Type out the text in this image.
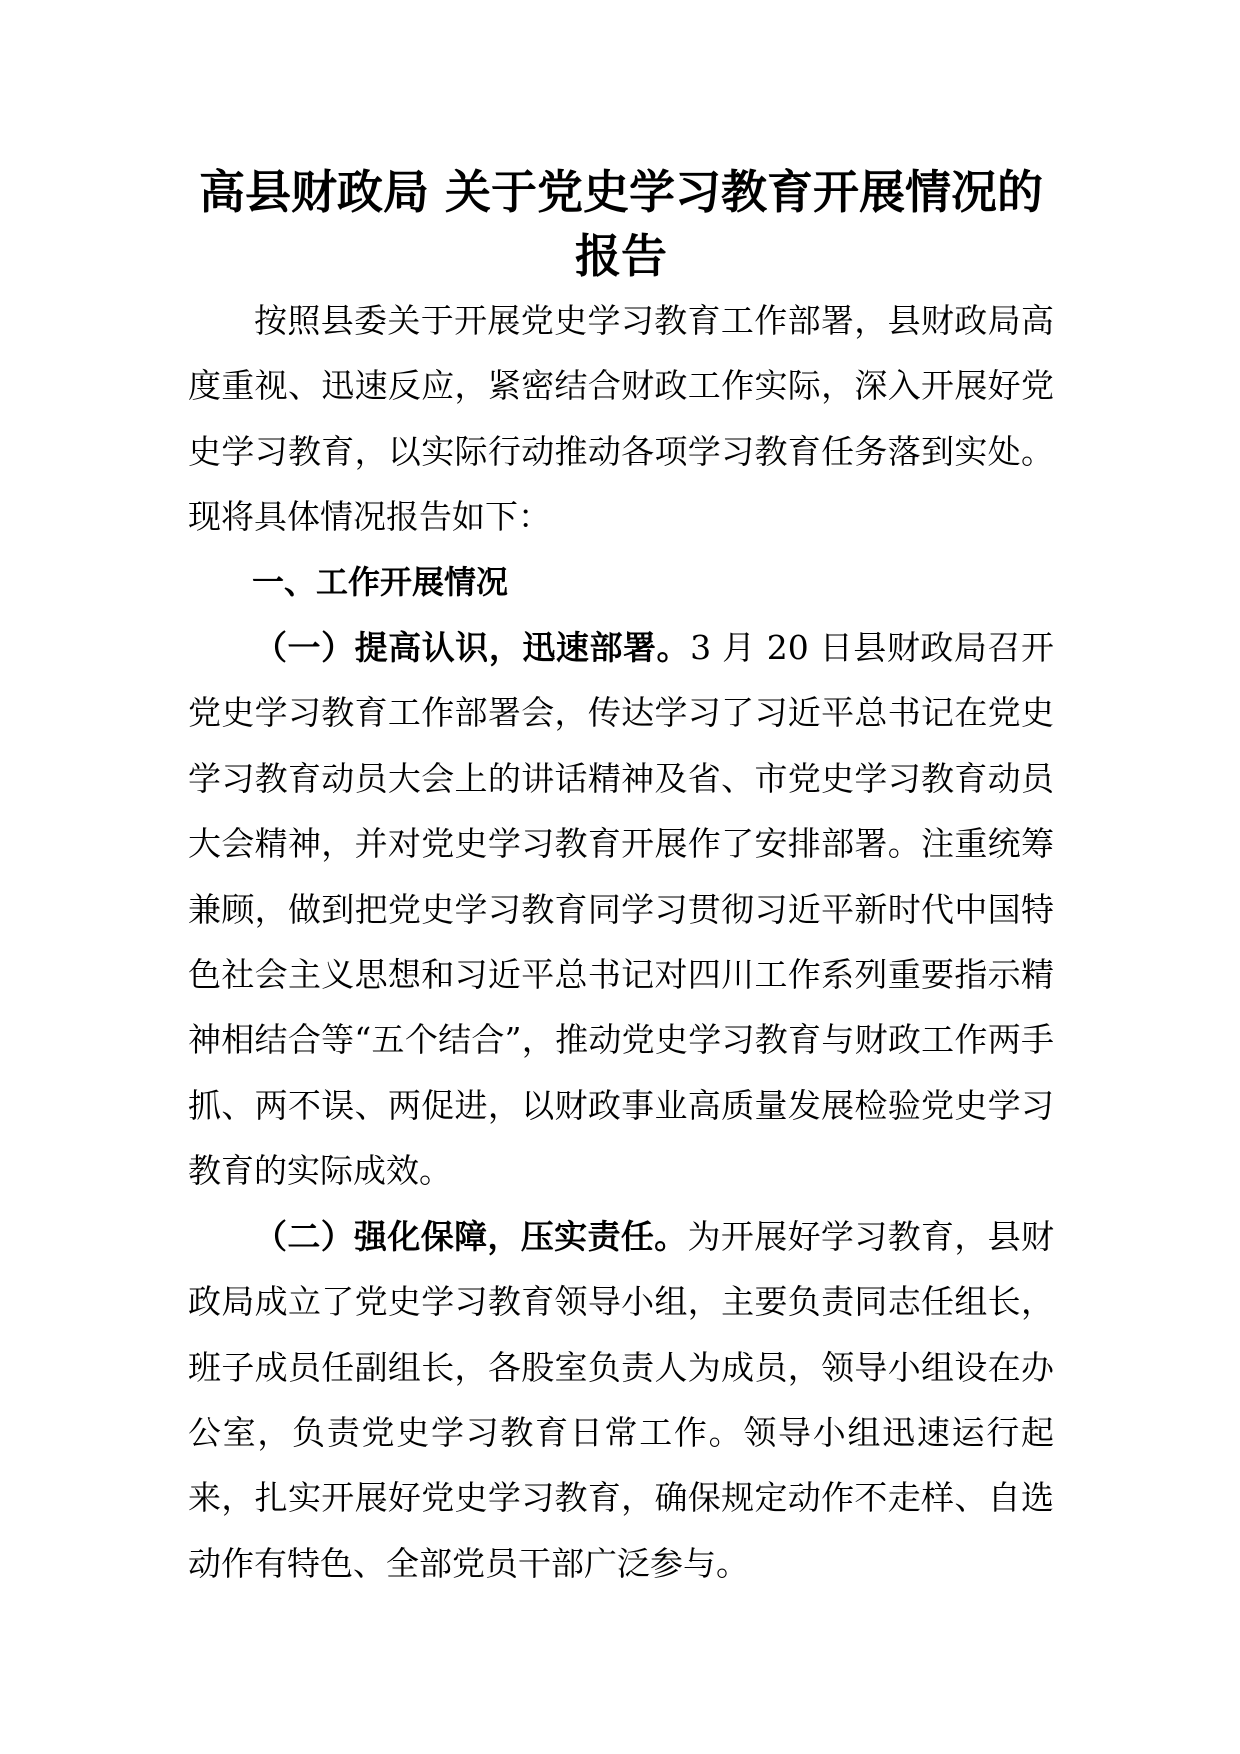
高县财政局 关于党史学习教育开展情况的
报告

按照县委关于开展党史学习教育工作部署，县财政局高度重视、迅速反应，紧密结合财政工作实际，深入开展好党史学习教育，以实际行动推动各项学习教育任务落到实处。现将具体情况报告如下：

一、工作开展情况

（一）提高认识，迅速部署。3 月 20 日县财政局召开党史学习教育工作部署会，传达学习了习近平总书记在党史学习教育动员大会上的讲话精神及省、市党史学习教育动员大会精神，并对党史学习教育开展作了安排部署。注重统筹兼顾，做到把党史学习教育同学习贯彻习近平新时代中国特色社会主义思想和习近平总书记对四川工作系列重要指示精神相结合等“五个结合”，推动党史学习教育与财政工作两手抓、两不误、两促进，以财政事业高质量发展检验党史学习教育的实际成效。

（二）强化保障，压实责任。为开展好学习教育，县财政局成立了党史学习教育领导小组，主要负责同志任组长，班子成员任副组长，各股室负责人为成员，领导小组设在办公室，负责党史学习教育日常工作。领导小组迅速运行起来，扎实开展好党史学习教育，确保规定动作不走样、自选动作有特色、全部党员干部广泛参与。
